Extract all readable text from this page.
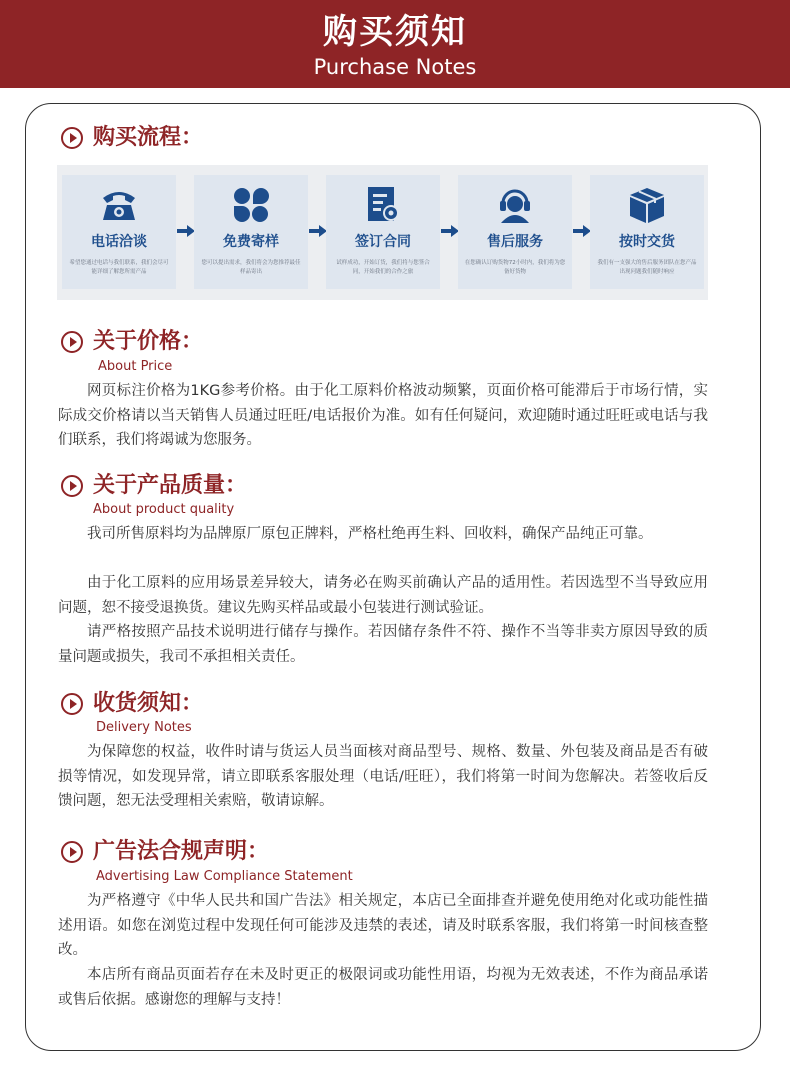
购买须知
Purchase Notes
购买流程：
电话洽谈
希望您通过电话与我们联系，我们会尽可能详细了解您所需产品
免费寄样
您可以提出需求，我们将会为您推荐最佳样品寄出
签订合同
试样成功，开始订货，我们将与您签合同，开始我们的合作之旅
售后服务
在您确认订购货物72小时内，我们将为您备好货物
按时交货
我们有一支强大的售后服务团队在您产品出现问题我们随时响应
关于价格：
About Price

网页标注价格为1KG参考价格。由于化工原料价格波动频繁，页面价格可能滞后于市场行情，实际成交价格请以当天销售人员通过旺旺/电话报价为准。如有任何疑问，欢迎随时通过旺旺或电话与我们联系，我们将竭诚为您服务。

关于产品质量：
About product quality

我司所售原料均为品牌原厂原包正牌料，严格杜绝再生料、回收料，确保产品纯正可靠。

由于化工原料的应用场景差异较大，请务必在购买前确认产品的适用性。若因选型不当导致应用问题，恕不接受退换货。建议先购买样品或最小包装进行测试验证。

请严格按照产品技术说明进行储存与操作。若因储存条件不符、操作不当等非卖方原因导致的质量问题或损失，我司不承担相关责任。

收货须知：
Delivery Notes

为保障您的权益，收件时请与货运人员当面核对商品型号、规格、数量、外包装及商品是否有破损等情况，如发现异常，请立即联系客服处理（电话/旺旺），我们将第一时间为您解决。若签收后反馈问题，恕无法受理相关索赔，敬请谅解。

广告法合规声明：
Advertising Law Compliance Statement

为严格遵守《中华人民共和国广告法》相关规定，本店已全面排查并避免使用绝对化或功能性描述用语。如您在浏览过程中发现任何可能涉及违禁的表述，请及时联系客服，我们将第一时间核查整改。

本店所有商品页面若存在未及时更正的极限词或功能性用语，均视为无效表述，不作为商品承诺或售后依据。感谢您的理解与支持！
